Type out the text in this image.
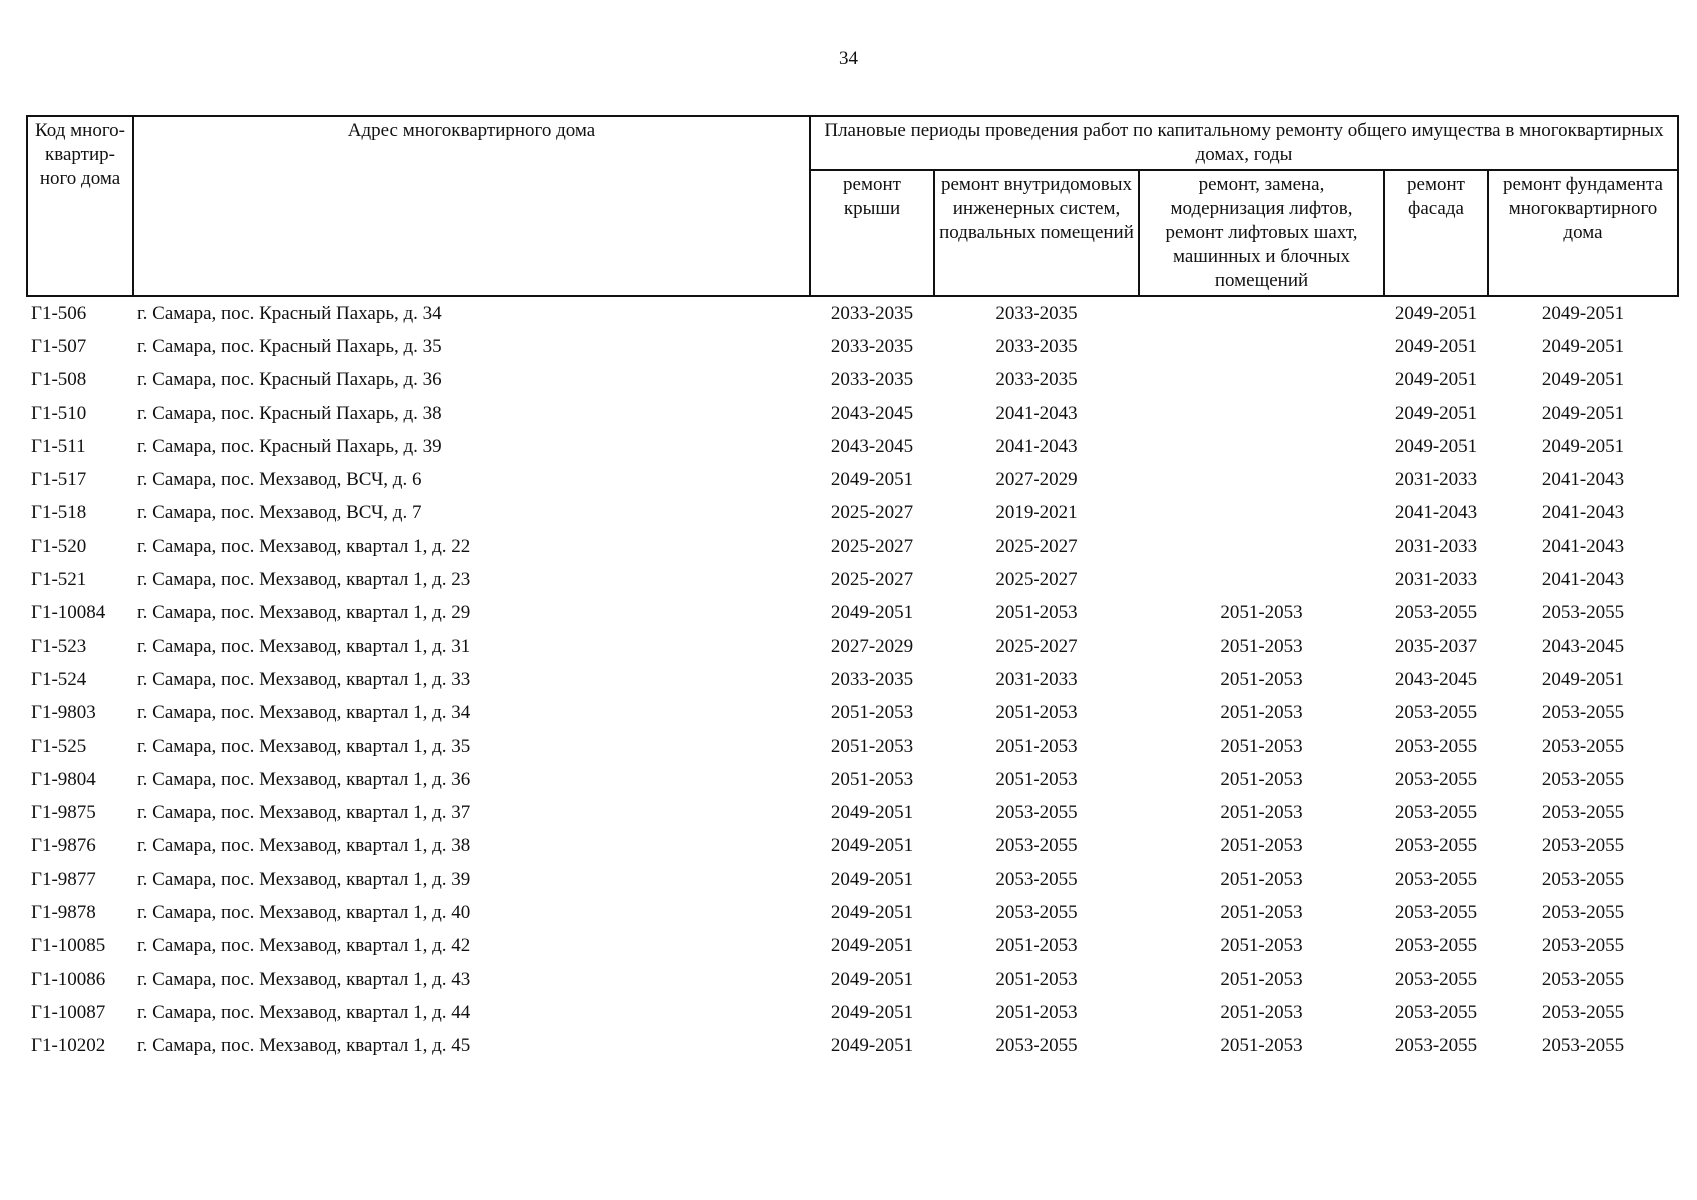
34
Код много-квартир-ного дома	Адрес многоквартирного дома	Плановые периоды проведения работ по капитальному ремонту общего имущества в многоквартирных домах, годы				
		ремонт крыши	ремонт внутридомовых инженерных систем, подвальных помещений	ремонт, замена, модернизация лифтов, ремонт лифтовых шахт, машинных и блочных помещений	ремонт фасада	ремонт фундамента многоквартирного дома
Г1-506	г. Самара, пос. Красный Пахарь, д. 34	2033-2035	2033-2035		2049-2051	2049-2051
Г1-507	г. Самара, пос. Красный Пахарь, д. 35	2033-2035	2033-2035		2049-2051	2049-2051
Г1-508	г. Самара, пос. Красный Пахарь, д. 36	2033-2035	2033-2035		2049-2051	2049-2051
Г1-510	г. Самара, пос. Красный Пахарь, д. 38	2043-2045	2041-2043		2049-2051	2049-2051
Г1-511	г. Самара, пос. Красный Пахарь, д. 39	2043-2045	2041-2043		2049-2051	2049-2051
Г1-517	г. Самара, пос. Мехзавод, ВСЧ, д. 6	2049-2051	2027-2029		2031-2033	2041-2043
Г1-518	г. Самара, пос. Мехзавод, ВСЧ, д. 7	2025-2027	2019-2021		2041-2043	2041-2043
Г1-520	г. Самара, пос. Мехзавод, квартал 1, д. 22	2025-2027	2025-2027		2031-2033	2041-2043
Г1-521	г. Самара, пос. Мехзавод, квартал 1, д. 23	2025-2027	2025-2027		2031-2033	2041-2043
Г1-10084	г. Самара, пос. Мехзавод, квартал 1, д. 29	2049-2051	2051-2053	2051-2053	2053-2055	2053-2055
Г1-523	г. Самара, пос. Мехзавод, квартал 1, д. 31	2027-2029	2025-2027	2051-2053	2035-2037	2043-2045
Г1-524	г. Самара, пос. Мехзавод, квартал 1, д. 33	2033-2035	2031-2033	2051-2053	2043-2045	2049-2051
Г1-9803	г. Самара, пос. Мехзавод, квартал 1, д. 34	2051-2053	2051-2053	2051-2053	2053-2055	2053-2055
Г1-525	г. Самара, пос. Мехзавод, квартал 1, д. 35	2051-2053	2051-2053	2051-2053	2053-2055	2053-2055
Г1-9804	г. Самара, пос. Мехзавод, квартал 1, д. 36	2051-2053	2051-2053	2051-2053	2053-2055	2053-2055
Г1-9875	г. Самара, пос. Мехзавод, квартал 1, д. 37	2049-2051	2053-2055	2051-2053	2053-2055	2053-2055
Г1-9876	г. Самара, пос. Мехзавод, квартал 1, д. 38	2049-2051	2053-2055	2051-2053	2053-2055	2053-2055
Г1-9877	г. Самара, пос. Мехзавод, квартал 1, д. 39	2049-2051	2053-2055	2051-2053	2053-2055	2053-2055
Г1-9878	г. Самара, пос. Мехзавод, квартал 1, д. 40	2049-2051	2053-2055	2051-2053	2053-2055	2053-2055
Г1-10085	г. Самара, пос. Мехзавод, квартал 1, д. 42	2049-2051	2051-2053	2051-2053	2053-2055	2053-2055
Г1-10086	г. Самара, пос. Мехзавод, квартал 1, д. 43	2049-2051	2051-2053	2051-2053	2053-2055	2053-2055
Г1-10087	г. Самара, пос. Мехзавод, квартал 1, д. 44	2049-2051	2051-2053	2051-2053	2053-2055	2053-2055
Г1-10202	г. Самара, пос. Мехзавод, квартал 1, д. 45	2049-2051	2053-2055	2051-2053	2053-2055	2053-2055
